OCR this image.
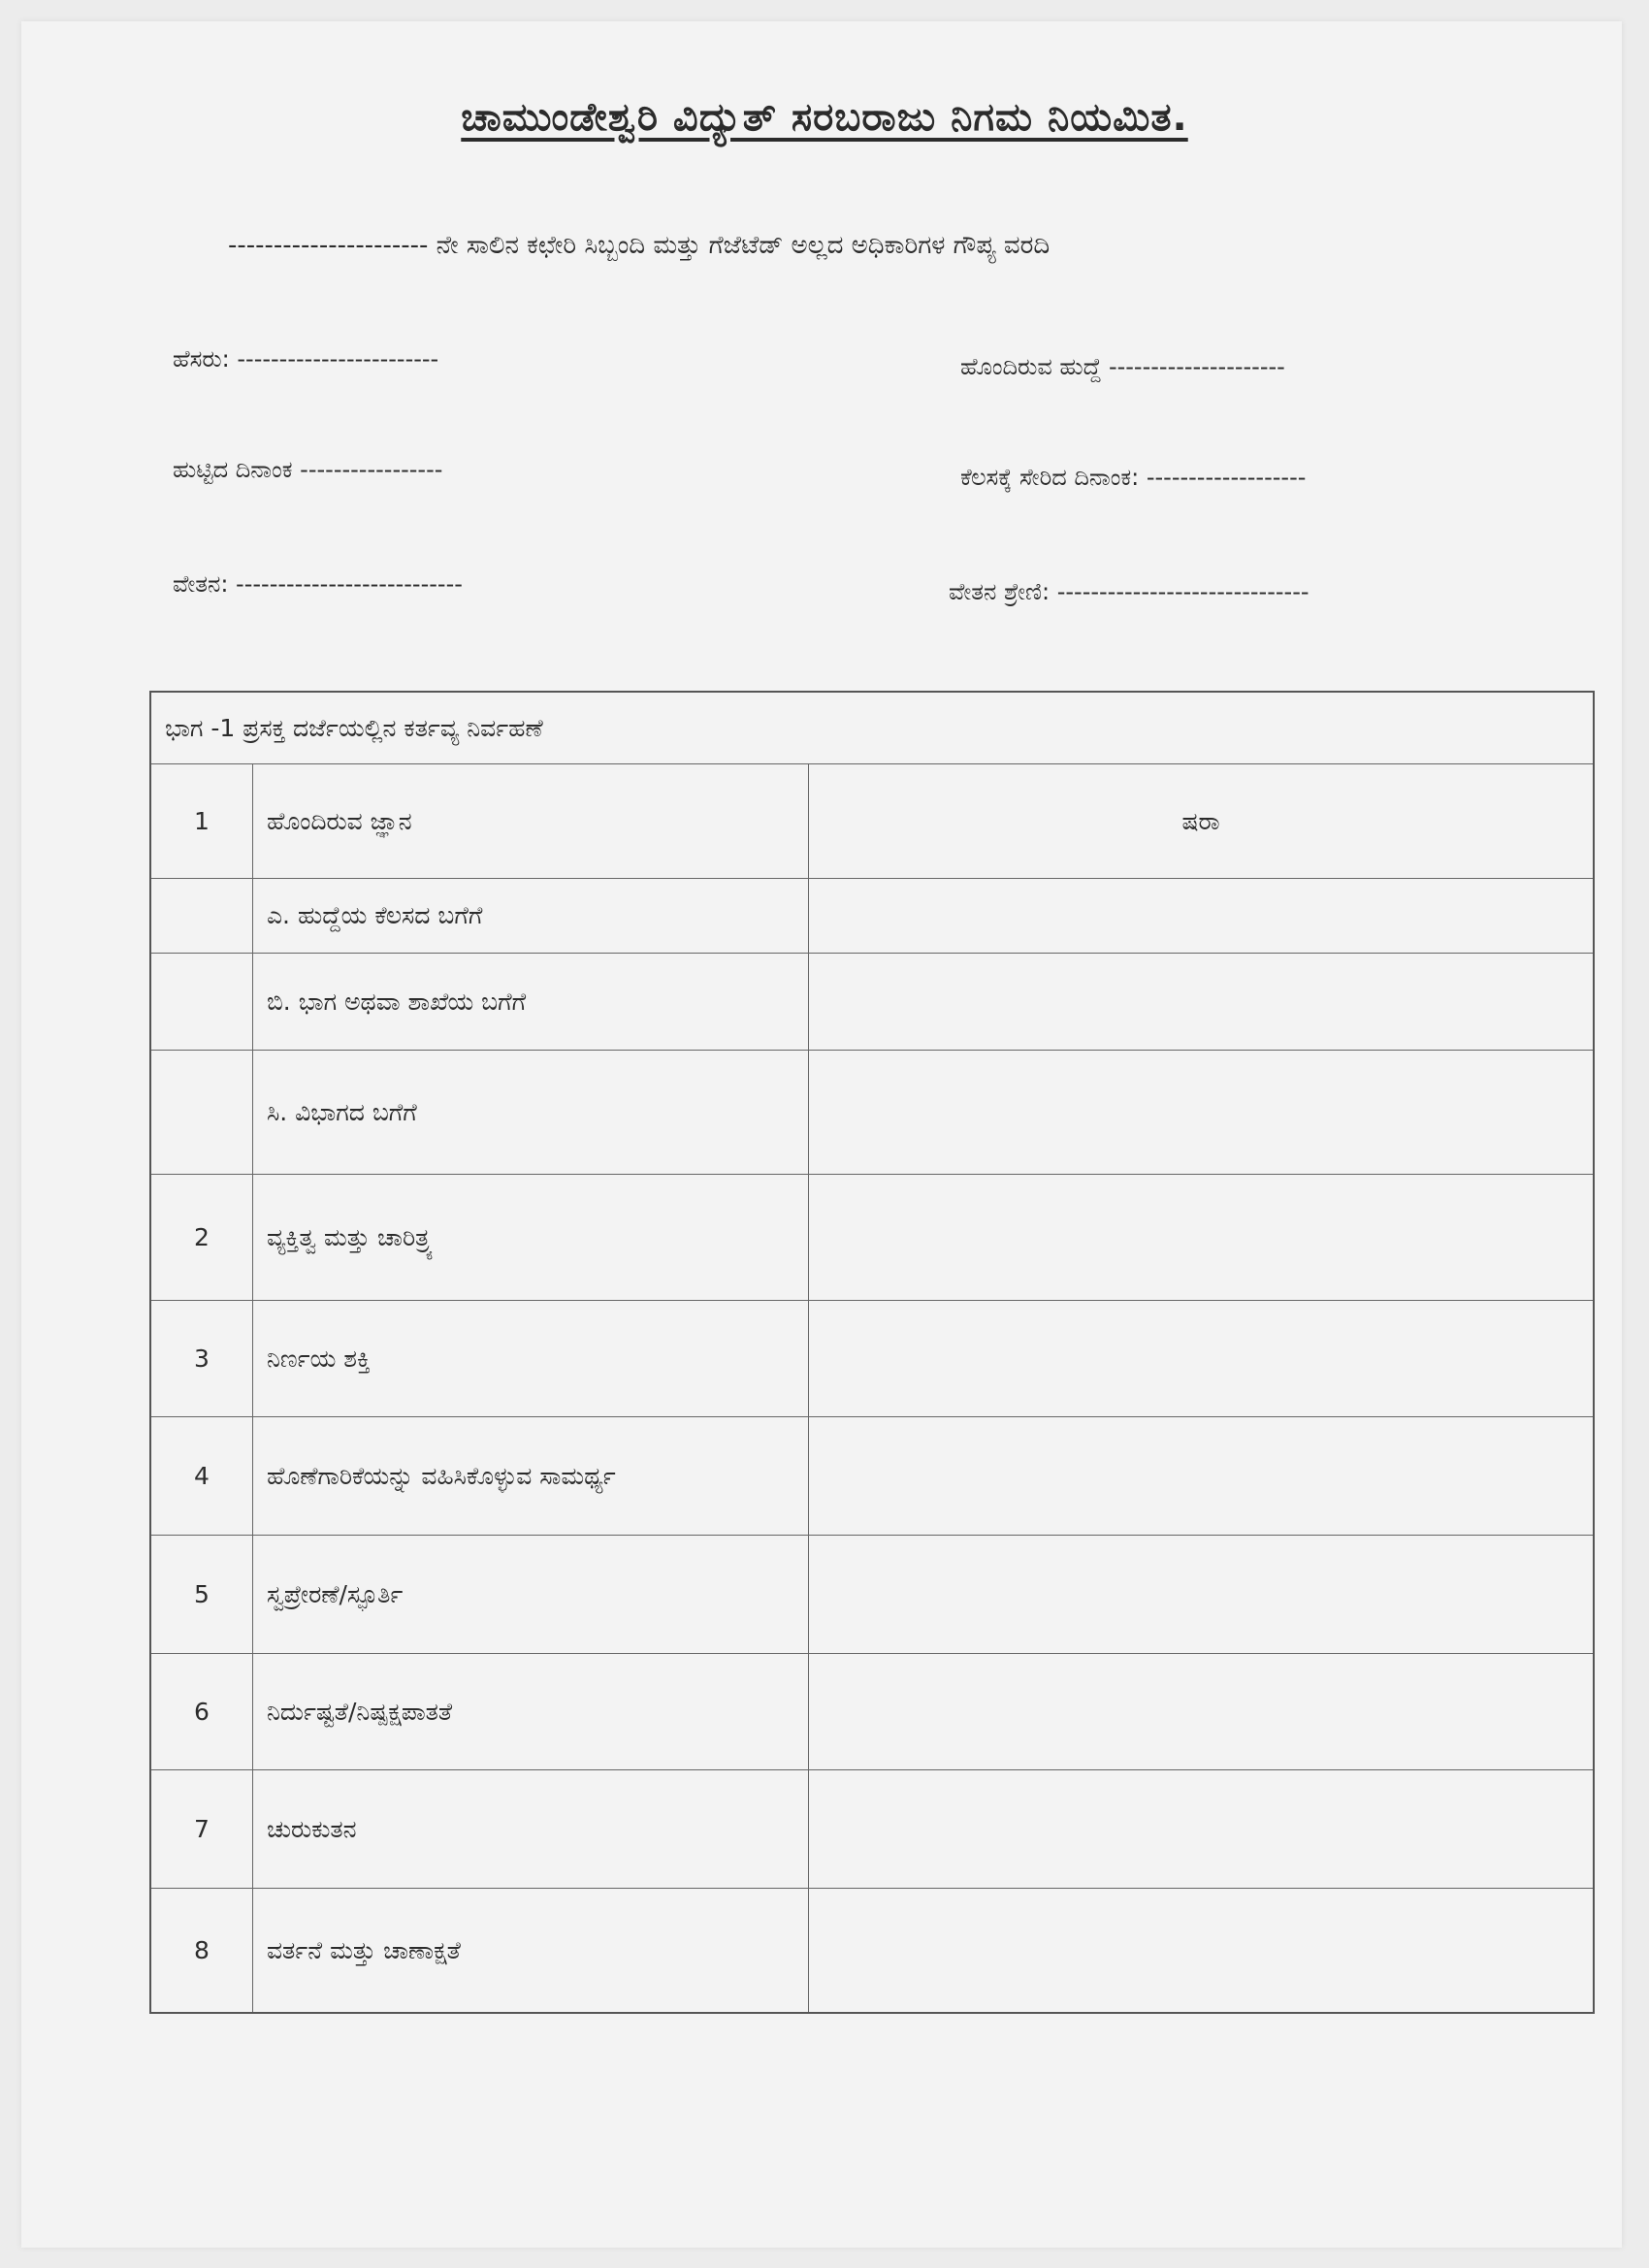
ಚಾಮುಂಡೇಶ್ವರಿ ವಿದ್ಯುತ್ ಸರಬರಾಜು ನಿಗಮ ನಿಯಮಿತ.
---------------------- ನೇ ಸಾಲಿನ ಕಛೇರಿ ಸಿಬ್ಬಂದಿ ಮತ್ತು ಗೆಜೆಟೆಡ್ ಅಲ್ಲದ ಅಧಿಕಾರಿಗಳ ಗೌಪ್ಯ ವರದಿ
ಹೆಸರು: ------------------------	ಹೊಂದಿರುವ ಹುದ್ದೆ ---------------------
ಹುಟ್ಟಿದ ದಿನಾಂಕ -----------------	ಕೆಲಸಕ್ಕೆ ಸೇರಿದ ದಿನಾಂಕ: -------------------
ವೇತನ: ---------------------------	ವೇತನ ಶ್ರೇಣಿ: ------------------------------
ಭಾಗ -1 ಪ್ರಸಕ್ತ ದರ್ಜೆಯಲ್ಲಿನ ಕರ್ತವ್ಯ ನಿರ್ವಹಣೆ		
1	ಹೊಂದಿರುವ ಜ್ಞಾನ	ಷರಾ
	ಎ. ಹುದ್ದೆಯ ಕೆಲಸದ ಬಗೆಗೆ	
	ಬಿ. ಭಾಗ ಅಥವಾ ಶಾಖೆಯ ಬಗೆಗೆ	
	ಸಿ. ವಿಭಾಗದ ಬಗೆಗೆ	
2	ವ್ಯಕ್ತಿತ್ವ ಮತ್ತು ಚಾರಿತ್ರ್ಯ	
3	ನಿರ್ಣಯ ಶಕ್ತಿ	
4	ಹೊಣೆಗಾರಿಕೆಯನ್ನು ವಹಿಸಿಕೊಳ್ಳುವ ಸಾಮರ್ಥ್ಯ	
5	ಸ್ವಪ್ರೇರಣೆ/ಸ್ಫೂರ್ತಿ	
6	ನಿರ್ದುಷ್ಟತೆ/ನಿಷ್ಪಕ್ಷಪಾತತೆ	
7	ಚುರುಕುತನ	
8	ವರ್ತನೆ ಮತ್ತು ಚಾಣಾಕ್ಷತೆ	
